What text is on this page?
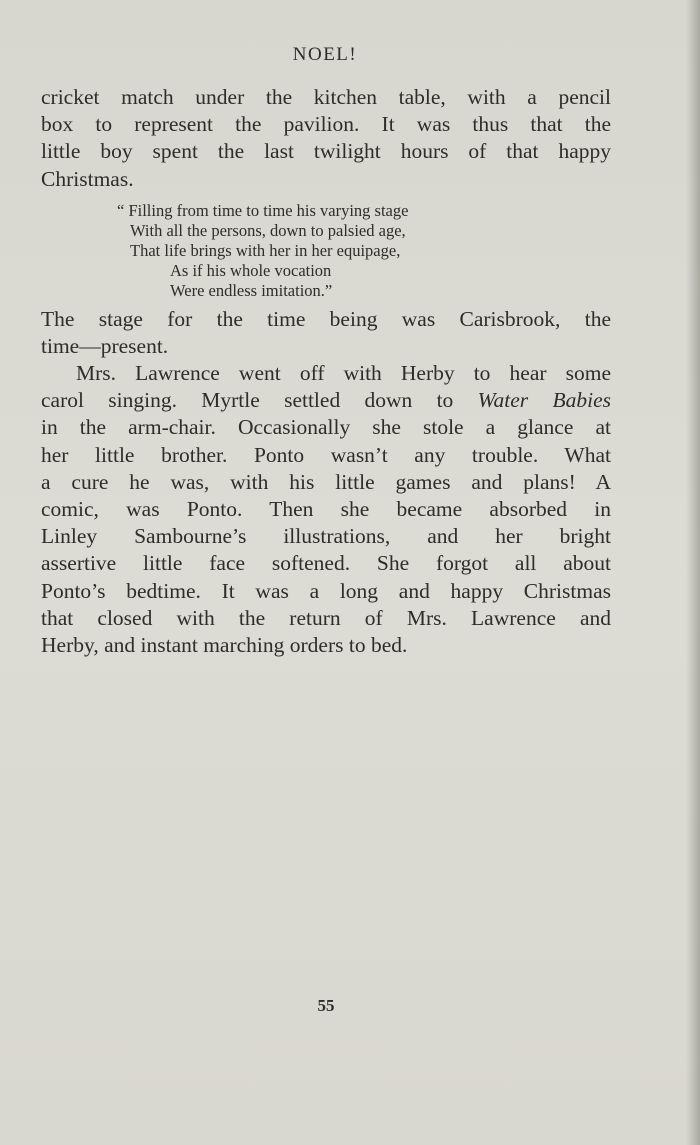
NOEL!
cricket match under the kitchen table, with a pencil
box to represent the pavilion. It was thus that the
little boy spent the last twilight hours of that happy
Christmas.
“ Filling from time to time his varying stage
With all the persons, down to palsied age,
That life brings with her in her equipage,
As if his whole vocation
Were endless imitation.”
The stage for the time being was Carisbrook, the
time—present.
Mrs. Lawrence went off with Herby to hear some
carol singing. Myrtle settled down to Water Babies
in the arm-chair. Occasionally she stole a glance at
her little brother. Ponto wasn’t any trouble. What
a cure he was, with his little games and plans! A
comic, was Ponto. Then she became absorbed in
Linley Sambourne’s illustrations, and her bright
assertive little face softened. She forgot all about
Ponto’s bedtime. It was a long and happy Christmas
that closed with the return of Mrs. Lawrence and
Herby, and instant marching orders to bed.
55
